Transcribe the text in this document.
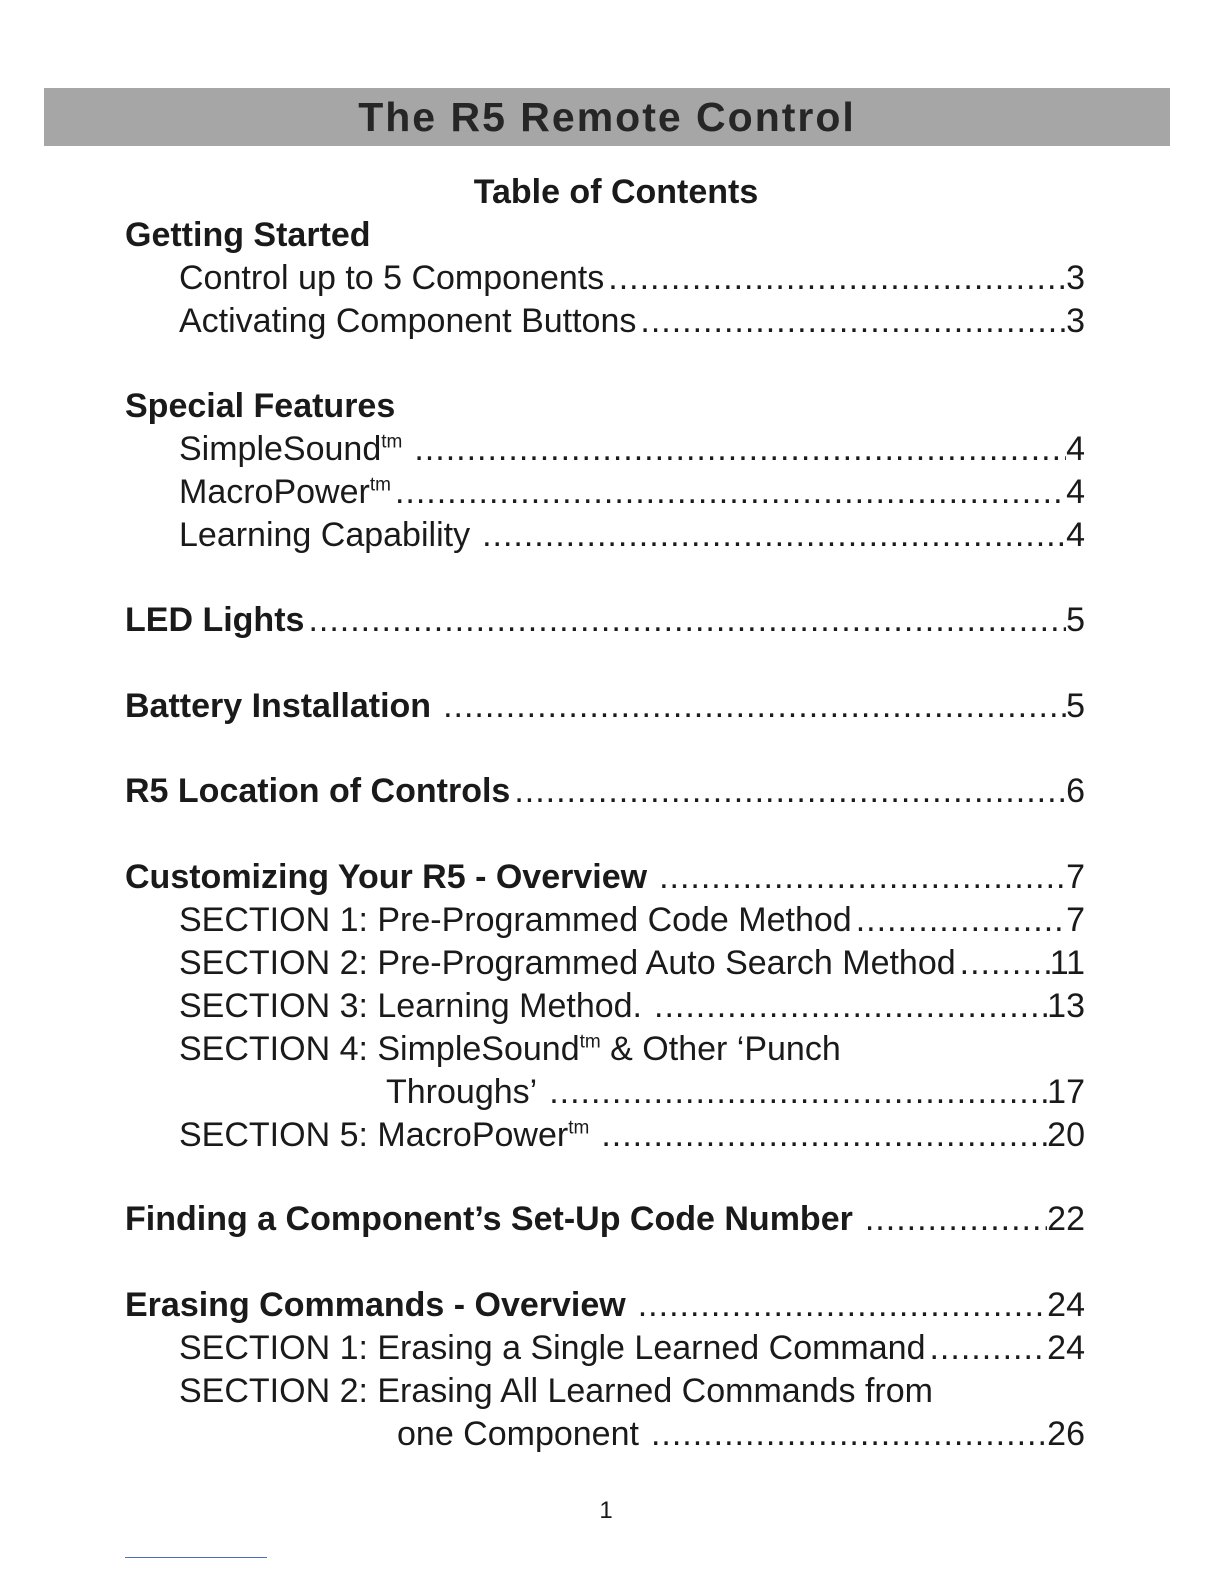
The R5 Remote Control
Table of Contents
Getting Started
Control up to 5 Components .....	3
Activating Component Buttons .....	3
Special Features
SimpleSound$^{tm}$ .....	4
MacroPower$^{tm}$ .....	4
Learning Capability .....	4
LED Lights .....	5
Battery Installation .....	5
R5 Location of Controls .....	6
Customizing Your R5 - Overview .....	7
SECTION 1: Pre-Programmed Code Method .....	7
SECTION 2: Pre-Programmed Auto Search Method .....	11
SECTION 3: Learning Method. .....	13
SECTION 4: SimpleSound$^{tm}$ & Other ‘Punch
Throughs’ .....	17
SECTION 5: MacroPower$^{tm}$ .....	20
Finding a Component’s Set-Up Code Number .....	22
Erasing Commands - Overview .....	24
SECTION 1: Erasing a Single Learned Command .....	24
SECTION 2: Erasing All Learned Commands from
one Component .....	26
1
